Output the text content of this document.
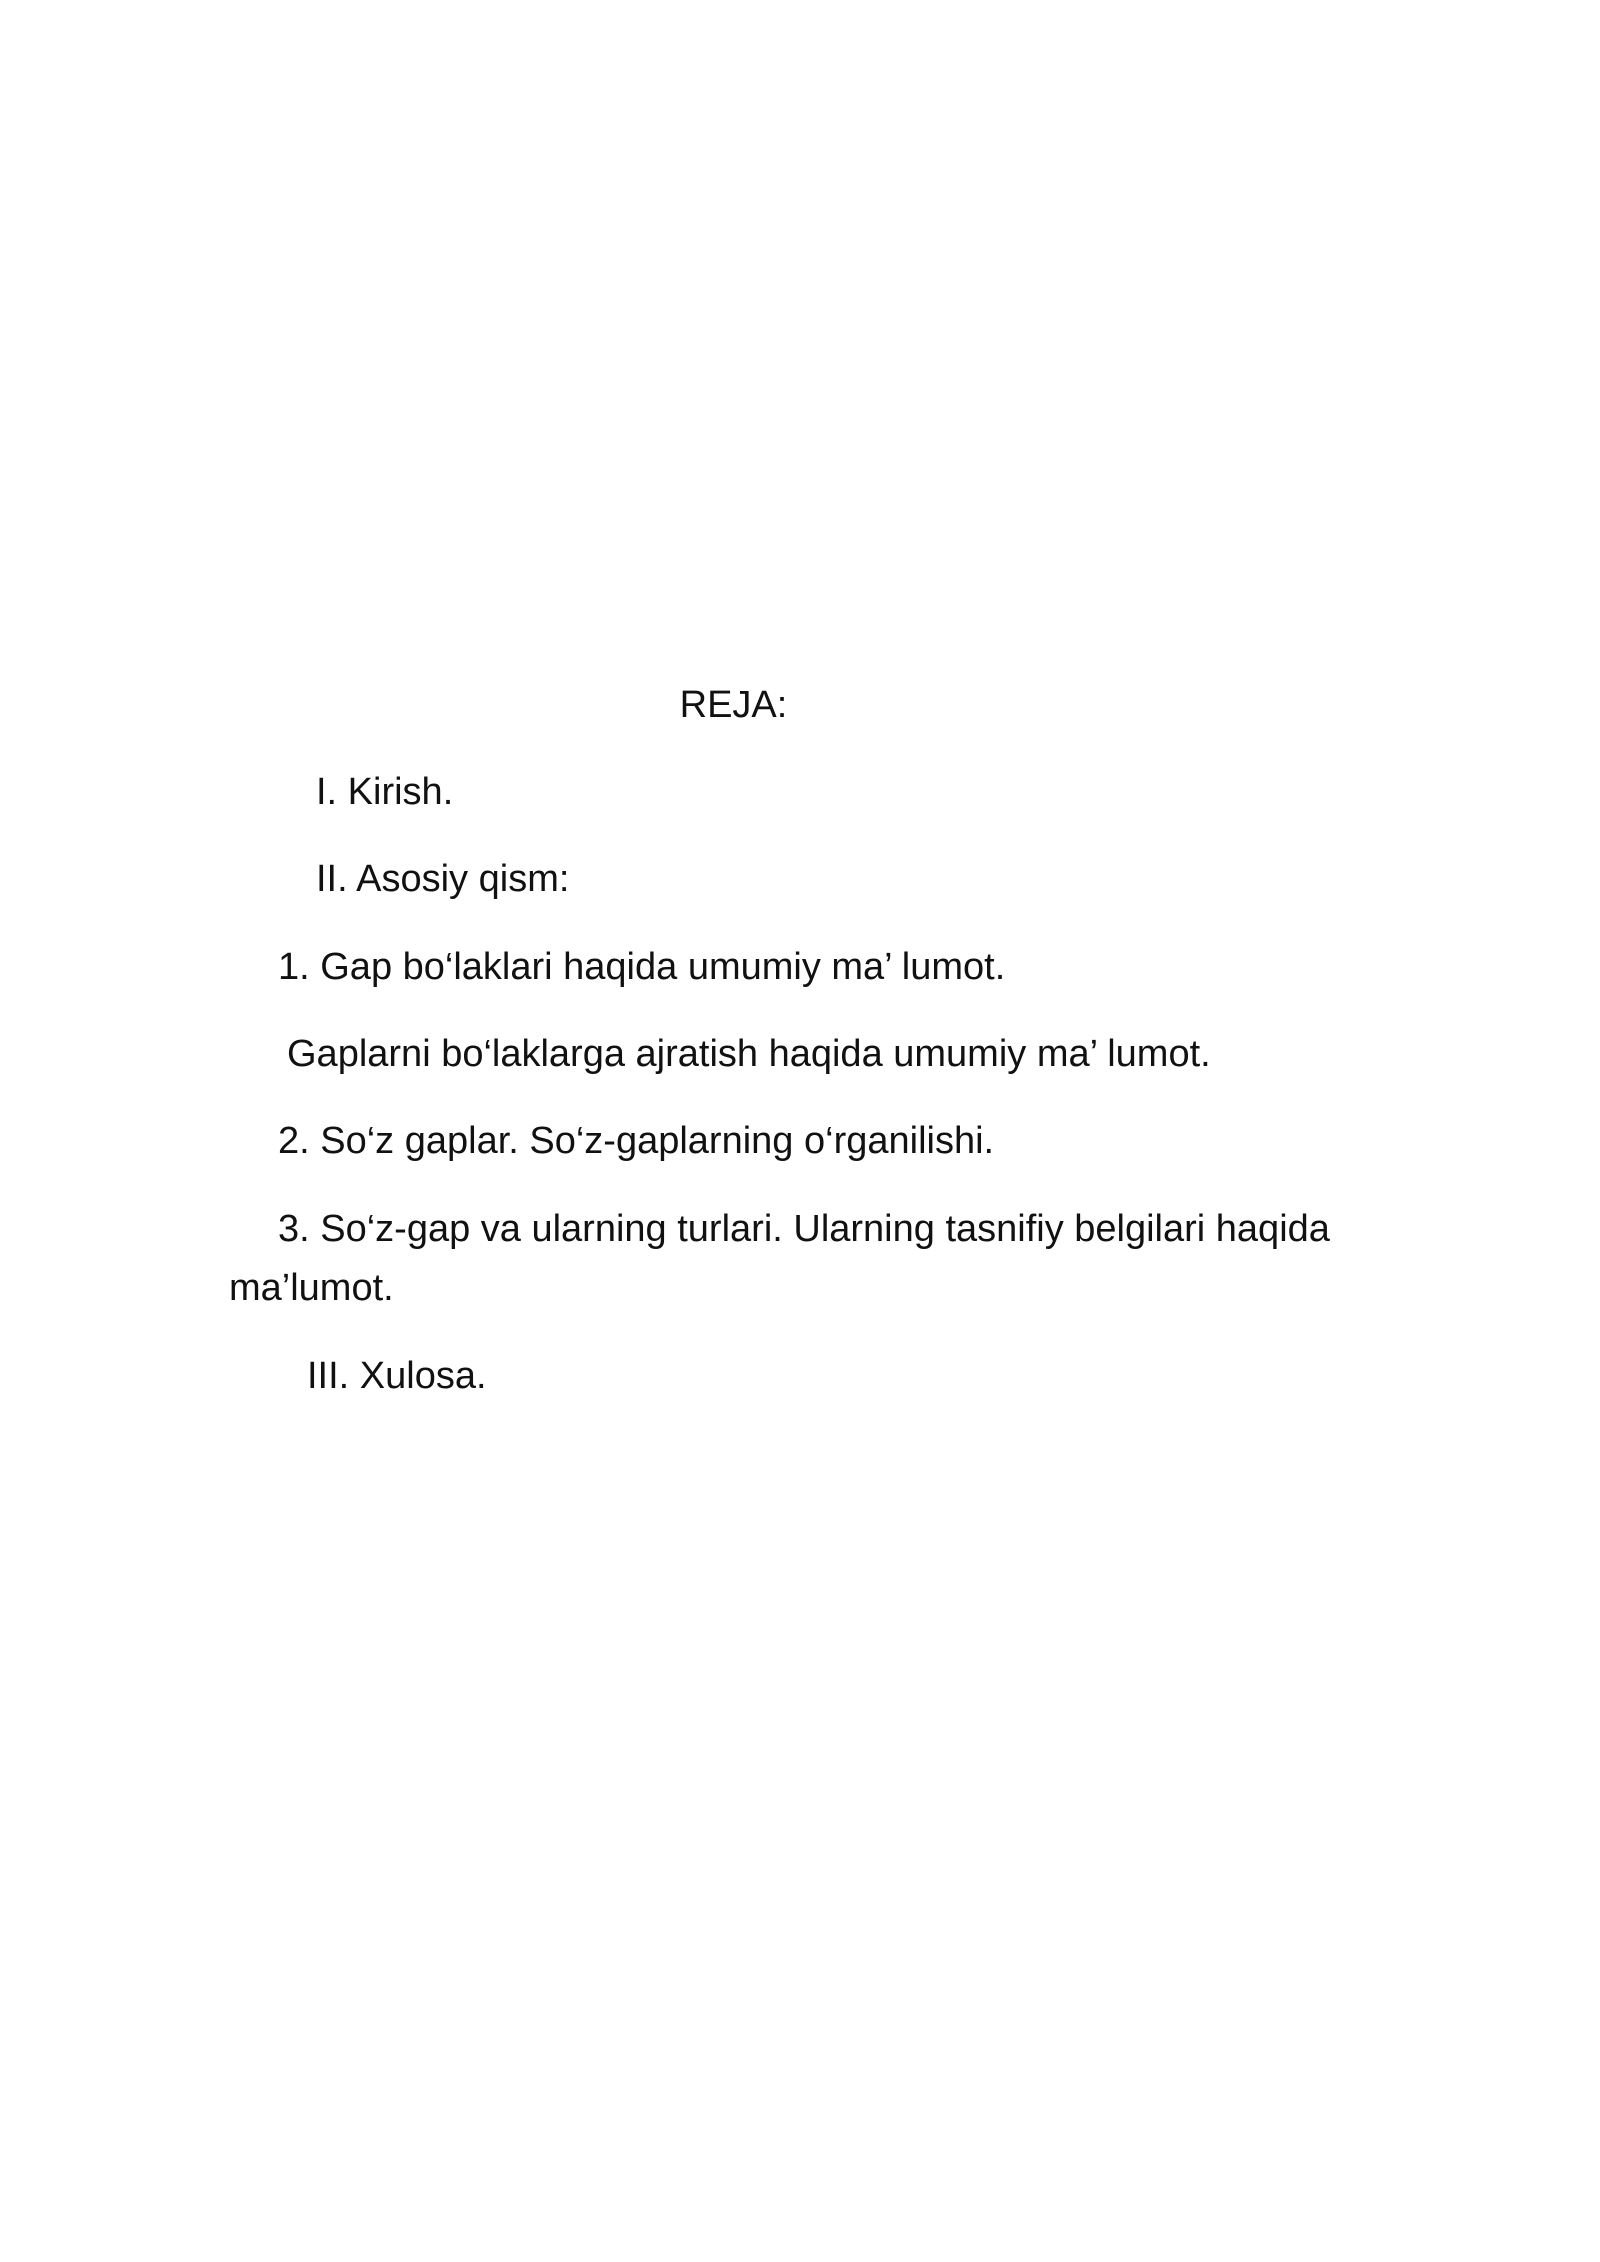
REJA:
I. Kirish.
II. Asosiy qism:
1. Gap bo‘laklari haqida umumiy ma’ lumot.
Gaplarni bo‘laklarga ajratish haqida umumiy ma’ lumot.
2. So‘z gaplar. So‘z-gaplarning o‘rganilishi.
3. So‘z-gap va ularning turlari. Ularning tasnifiy belgilari haqida
ma’lumot.
III. Xulosa.
